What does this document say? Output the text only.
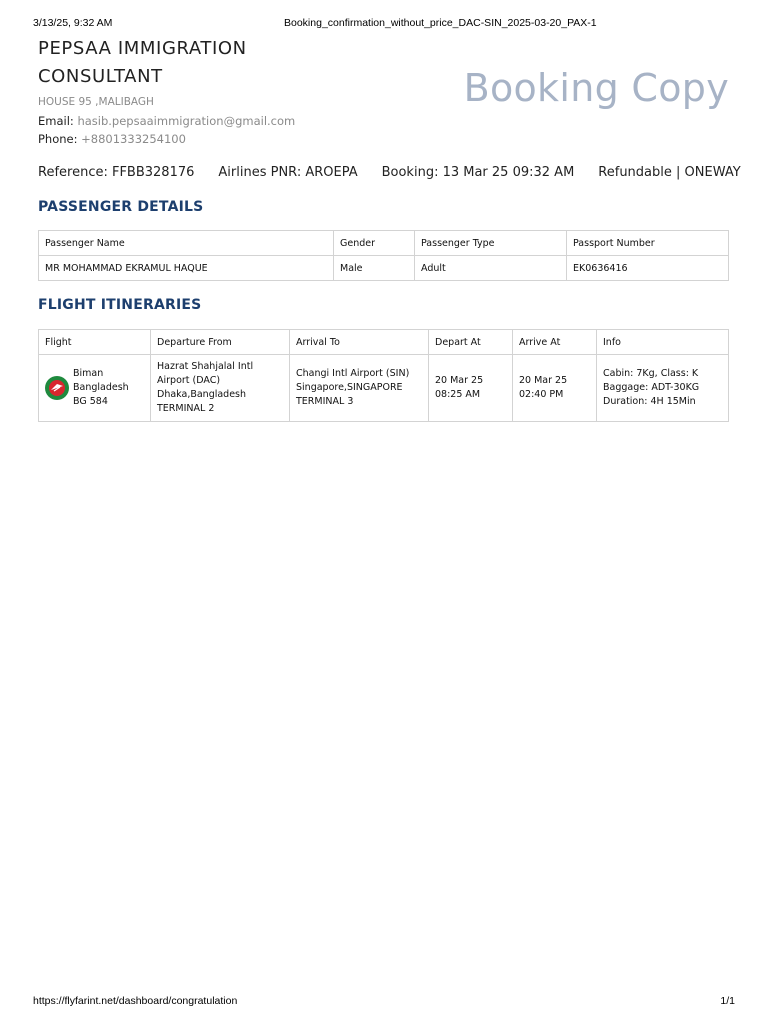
3/13/25, 9:32 AM	Booking_confirmation_without_price_DAC-SIN_2025-03-20_PAX-1
PEPSAA IMMIGRATION CONSULTANT
HOUSE 95 ,MALIBAGH
Email: hasib.pepsaaimmigration@gmail.com
Phone: +8801333254100
Booking Copy
Reference: FFBB328176 Airlines PNR: AROEPA Booking: 13 Mar 25 09:32 AM Refundable | ONEWAY
PASSENGER DETAILS
Passenger Name	Gender	Passenger Type	Passport Number
MR MOHAMMAD EKRAMUL HAQUE	Male	Adult	EK0636416
FLIGHT ITINERARIES
Flight	Departure From	Arrival To	Depart At	Arrive At	Info

Biman
Bangladesh
BG 584	Hazrat Shahjalal Intl
Airport (DAC)
Dhaka,Bangladesh
TERMINAL 2	Changi Intl Airport (SIN)
Singapore,SINGAPORE
TERMINAL 3	20 Mar 25
08:25 AM	20 Mar 25
02:40 PM	Cabin: 7Kg, Class: K
Baggage: ADT-30KG
Duration: 4H 15Min
https://flyfarint.net/dashboard/congratulation	1/1
